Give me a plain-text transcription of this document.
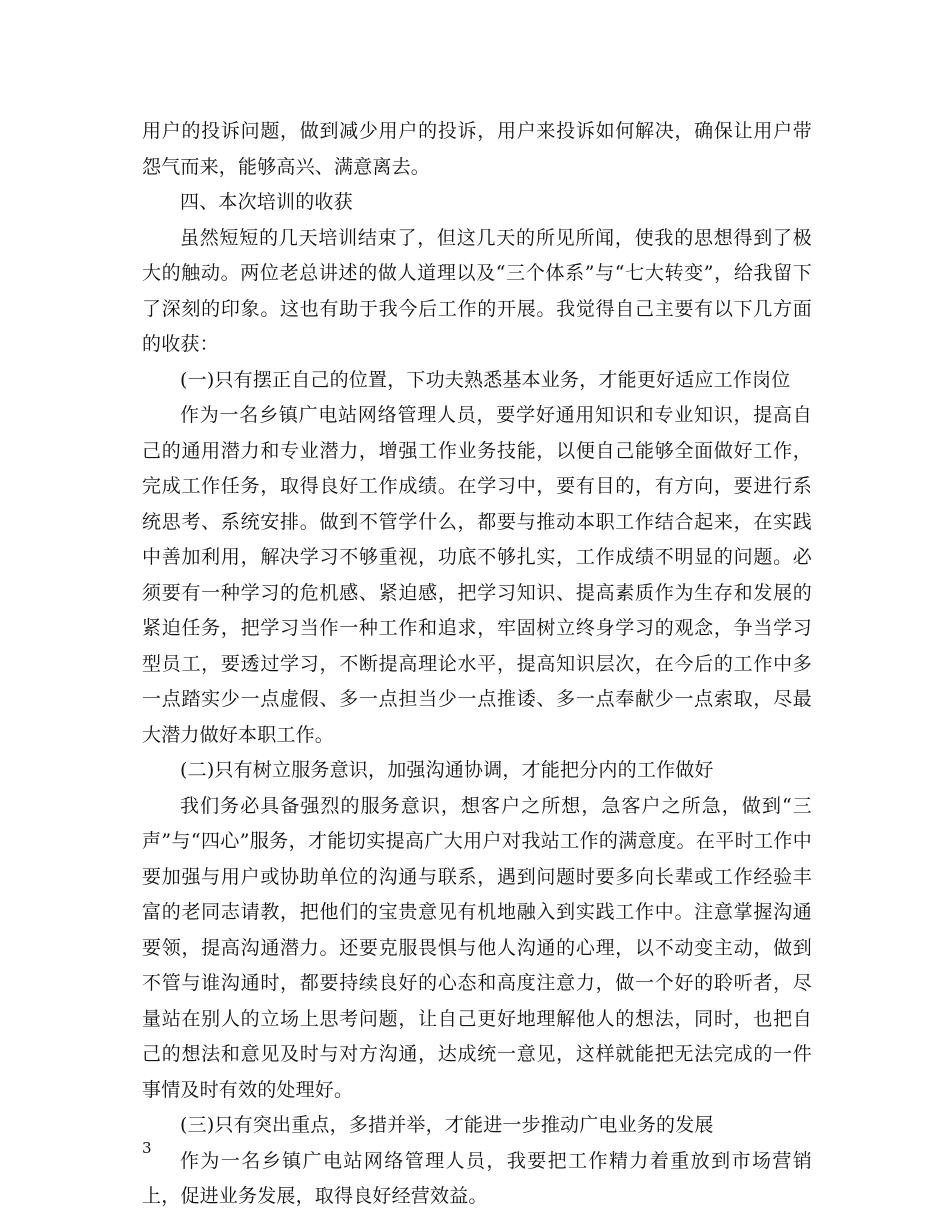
用户的投诉问题，做到减少用户的投诉，用户来投诉如何解决，确保让用户带怨气而来，能够高兴、满意离去。

四、本次培训的收获

虽然短短的几天培训结束了，但这几天的所见所闻，使我的思想得到了极大的触动。两位老总讲述的做人道理以及“三个体系”与“七大转变”，给我留下了深刻的印象。这也有助于我今后工作的开展。我觉得自己主要有以下几方面的收获：

(一)只有摆正自己的位置，下功夫熟悉基本业务，才能更好适应工作岗位

作为一名乡镇广电站网络管理人员，要学好通用知识和专业知识，提高自己的通用潜力和专业潜力，增强工作业务技能，以便自己能够全面做好工作，完成工作任务，取得良好工作成绩。在学习中，要有目的，有方向，要进行系统思考、系统安排。做到不管学什么，都要与推动本职工作结合起来，在实践中善加利用，解决学习不够重视，功底不够扎实，工作成绩不明显的问题。必须要有一种学习的危机感、紧迫感，把学习知识、提高素质作为生存和发展的紧迫任务，把学习当作一种工作和追求，牢固树立终身学习的观念，争当学习型员工，要透过学习，不断提高理论水平，提高知识层次，在今后的工作中多一点踏实少一点虚假、多一点担当少一点推诿、多一点奉献少一点索取，尽最大潜力做好本职工作。

(二)只有树立服务意识，加强沟通协调，才能把分内的工作做好

我们务必具备强烈的服务意识，想客户之所想，急客户之所急，做到“三声”与“四心”服务，才能切实提高广大用户对我站工作的满意度。在平时工作中要加强与用户或协助单位的沟通与联系，遇到问题时要多向长辈或工作经验丰富的老同志请教，把他们的宝贵意见有机地融入到实践工作中。注意掌握沟通要领，提高沟通潜力。还要克服畏惧与他人沟通的心理，以不动变主动，做到不管与谁沟通时，都要持续良好的心态和高度注意力，做一个好的聆听者，尽量站在别人的立场上思考问题，让自己更好地理解他人的想法，同时，也把自己的想法和意见及时与对方沟通，达成统一意见，这样就能把无法完成的一件事情及时有效的处理好。

(三)只有突出重点，多措并举，才能进一步推动广电业务的发展

作为一名乡镇广电站网络管理人员，我要把工作精力着重放到市场营销上，促进业务发展，取得良好经营效益。

3
